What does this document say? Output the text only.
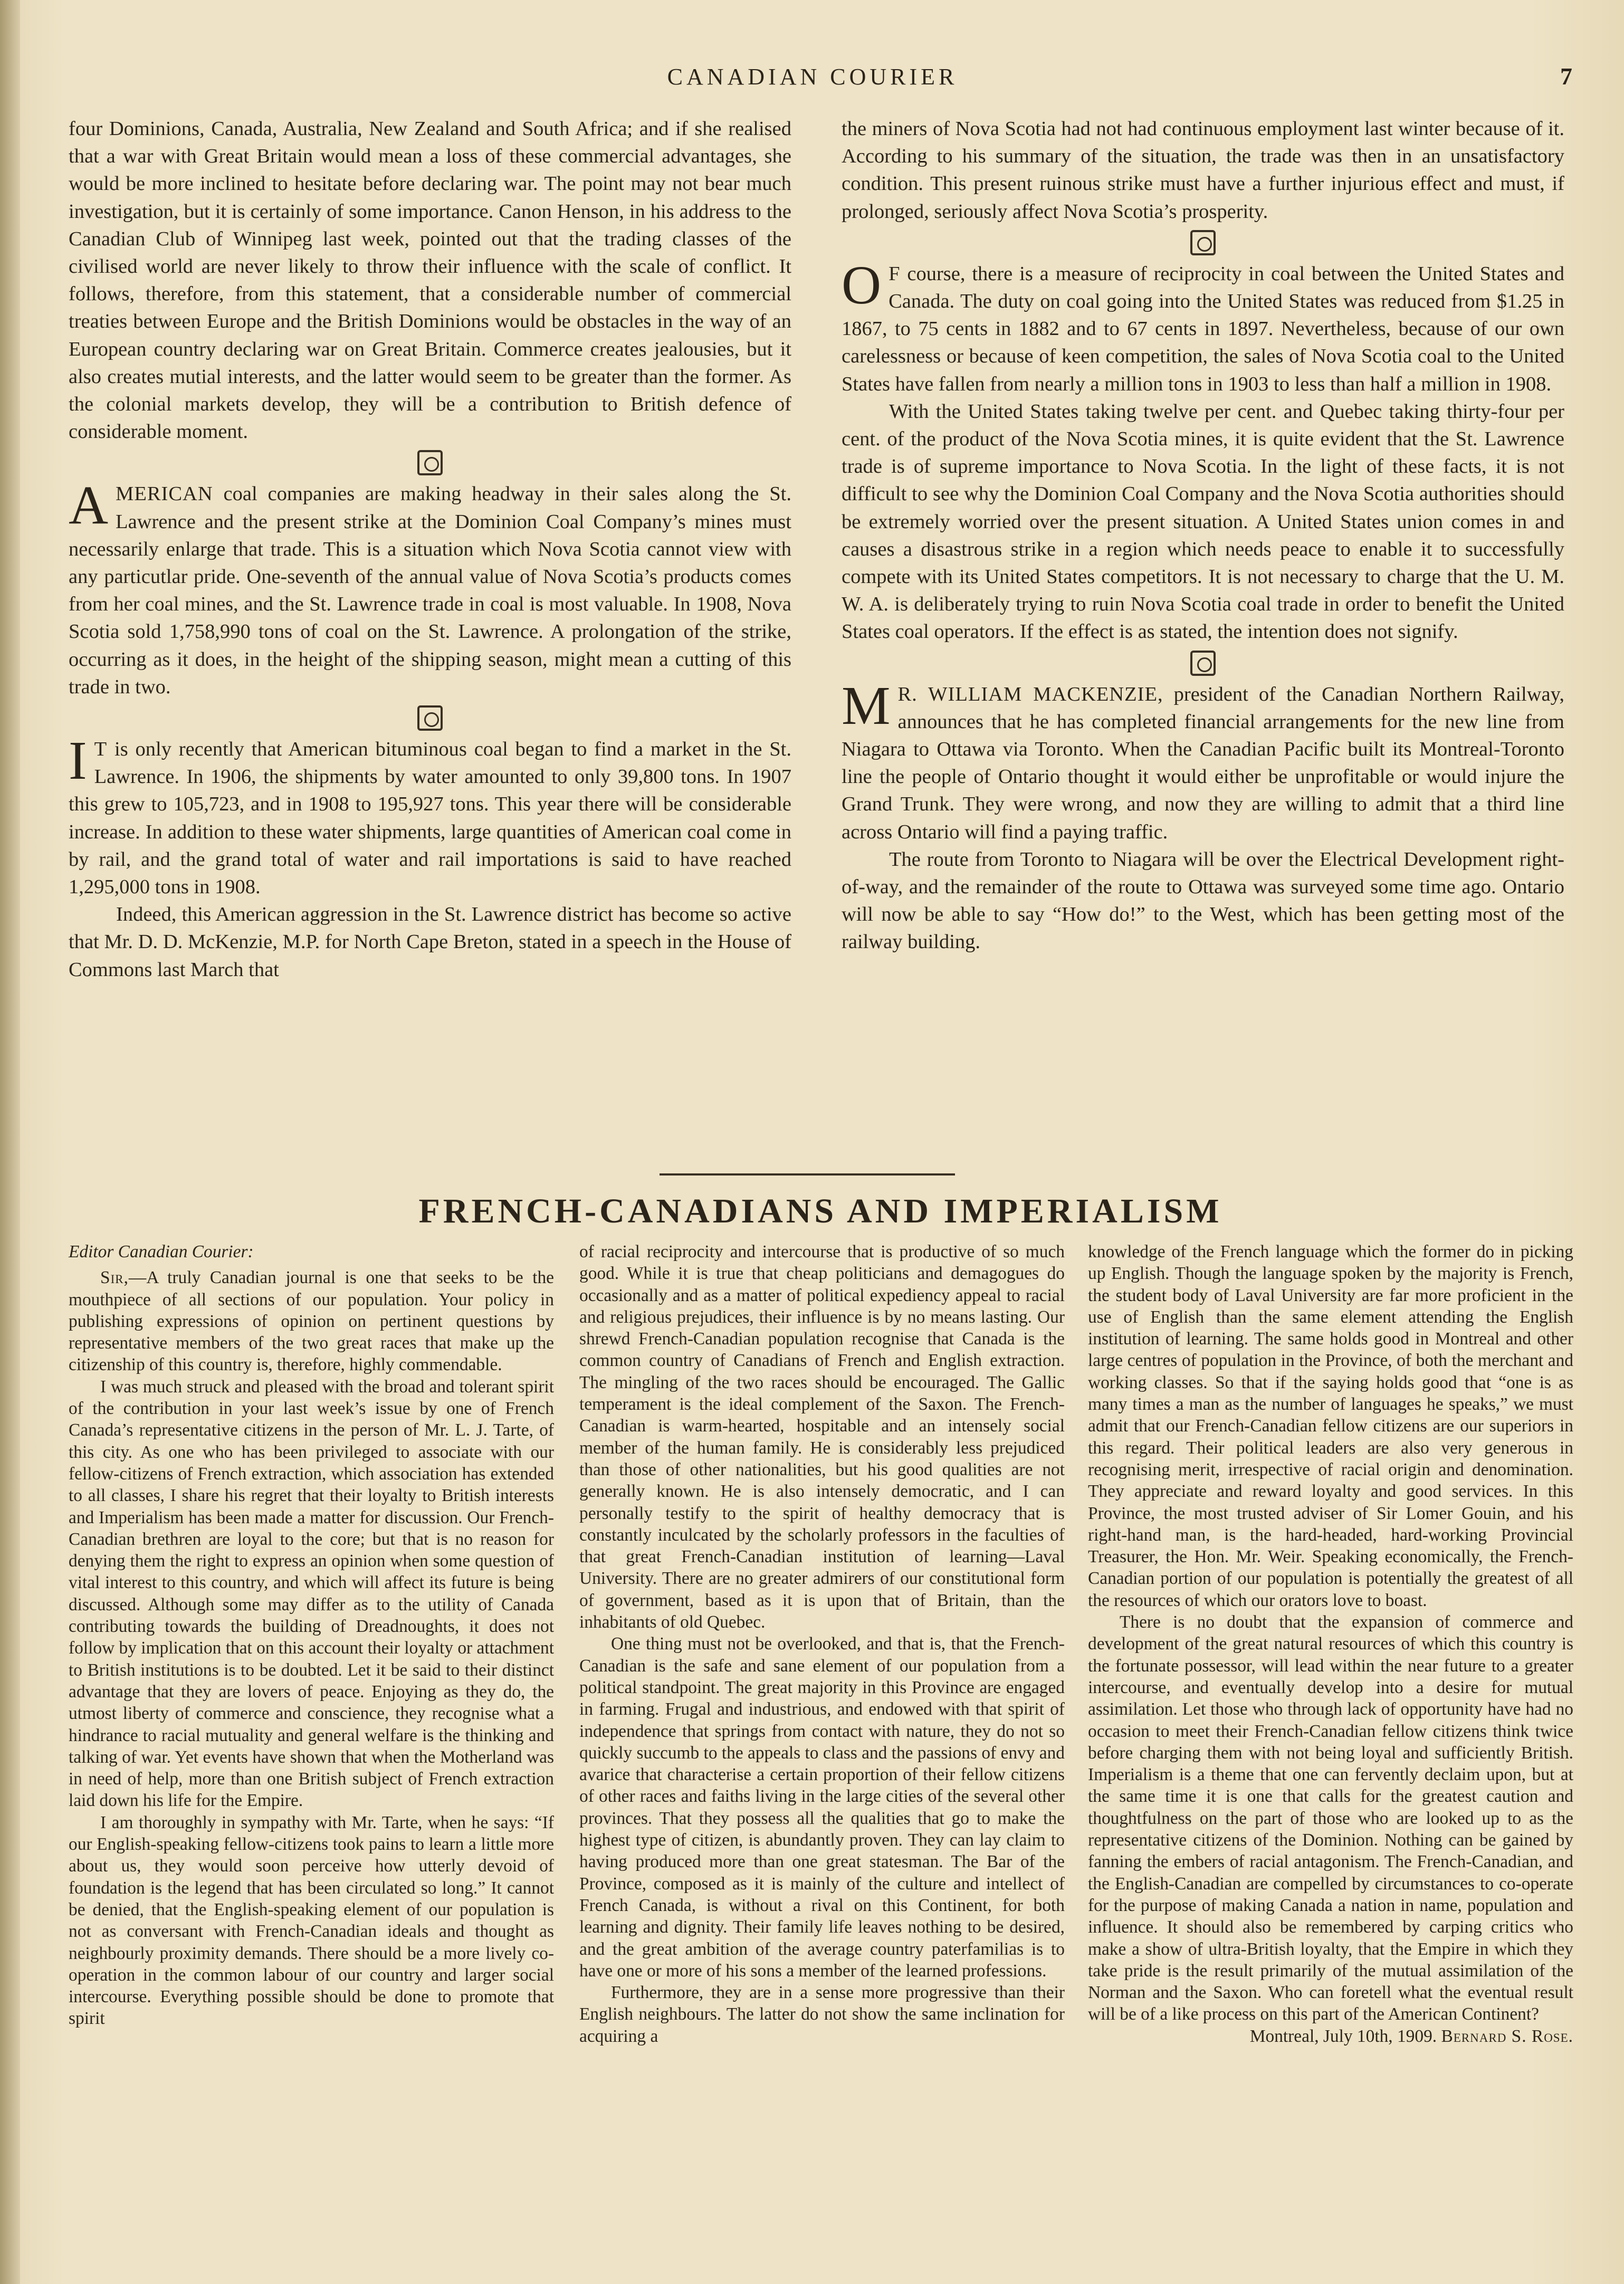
CANADIAN COURIER	7

four Dominions, Canada, Australia, New Zealand and South Africa; and if she realised that a war with Great Britain would mean a loss of these commercial advantages, she would be more inclined to hesitate before declaring war. The point may not bear much investigation, but it is certainly of some importance. Canon Henson, in his address to the Canadian Club of Winnipeg last week, pointed out that the trading classes of the civilised world are never likely to throw their influence with the scale of conflict. It follows, therefore, from this statement, that a considerable number of commercial treaties between Europe and the British Dominions would be obstacles in the way of an European country declaring war on Great Britain. Commerce creates jealousies, but it also creates mutial interests, and the latter would seem to be greater than the former. As the colonial markets develop, they will be a contribution to British defence of considerable moment.

AMERICAN coal companies are making headway in their sales along the St. Lawrence and the present strike at the Dominion Coal Company’s mines must necessarily enlarge that trade. This is a situation which Nova Scotia cannot view with any particutlar pride. One-seventh of the annual value of Nova Scotia’s products comes from her coal mines, and the St. Lawrence trade in coal is most valuable. In 1908, Nova Scotia sold 1,758,990 tons of coal on the St. Lawrence. A prolongation of the strike, occurring as it does, in the height of the shipping season, might mean a cutting of this trade in two.

I T is only recently that American bituminous coal began to find a market in the St. Lawrence. In 1906, the shipments by water amounted to only 39,800 tons. In 1907 this grew to 105,723, and in 1908 to 195,927 tons. This year there will be considerable increase. In addition to these water shipments, large quantities of American coal come in by rail, and the grand total of water and rail importations is said to have reached 1,295,000 tons in 1908.

Indeed, this American aggression in the St. Lawrence district has become so active that Mr. D. D. McKenzie, M.P. for North Cape Breton, stated in a speech in the House of Commons last March that

the miners of Nova Scotia had not had continuous employment last winter because of it. According to his summary of the situation, the trade was then in an unsatisfactory condition. This present ruinous strike must have a further injurious effect and must, if prolonged, seriously affect Nova Scotia’s prosperity.

O F course, there is a measure of reciprocity in coal between the United States and Canada. The duty on coal going into the United States was reduced from $1.25 in 1867, to 75 cents in 1882 and to 67 cents in 1897. Nevertheless, because of our own carelessness or because of keen competition, the sales of Nova Scotia coal to the United States have fallen from nearly a million tons in 1903 to less than half a million in 1908.

With the United States taking twelve per cent. and Quebec taking thirty-four per cent. of the product of the Nova Scotia mines, it is quite evident that the St. Lawrence trade is of supreme importance to Nova Scotia. In the light of these facts, it is not difficult to see why the Dominion Coal Company and the Nova Scotia authorities should be extremely worried over the present situation. A United States union comes in and causes a disastrous strike in a region which needs peace to enable it to successfully compete with its United States competitors. It is not necessary to charge that the U. M. W. A. is deliberately trying to ruin Nova Scotia coal trade in order to benefit the United States coal operators. If the effect is as stated, the intention does not signify.

M R. WILLIAM MACKENZIE, president of the Canadian Northern Railway, announces that he has completed financial arrangements for the new line from Niagara to Ottawa via Toronto. When the Canadian Pacific built its Montreal-Toronto line the people of Ontario thought it would either be unprofitable or would injure the Grand Trunk. They were wrong, and now they are willing to admit that a third line across Ontario will find a paying traffic.

The route from Toronto to Niagara will be over the Electrical Development right-of-way, and the remainder of the route to Ottawa was surveyed some time ago. Ontario will now be able to say “How do!” to the West, which has been getting most of the railway building.

FRENCH-CANADIANS AND IMPERIALISM

Editor Canadian Courier:

Sir,—A truly Canadian journal is one that seeks to be the mouthpiece of all sections of our population. Your policy in publishing expressions of opinion on pertinent questions by representative members of the two great races that make up the citizenship of this country is, therefore, highly commendable.

I was much struck and pleased with the broad and tolerant spirit of the contribution in your last week’s issue by one of French Canada’s representative citizens in the person of Mr. L. J. Tarte, of this city. As one who has been privileged to associate with our fellow-citizens of French extraction, which association has extended to all classes, I share his regret that their loyalty to British interests and Imperialism has been made a matter for discussion. Our French-Canadian brethren are loyal to the core; but that is no reason for denying them the right to express an opinion when some question of vital interest to this country, and which will affect its future is being discussed. Although some may differ as to the utility of Canada contributing towards the building of Dreadnoughts, it does not follow by implication that on this account their loyalty or attachment to British institutions is to be doubted. Let it be said to their distinct advantage that they are lovers of peace. Enjoying as they do, the utmost liberty of commerce and conscience, they recognise what a hindrance to racial mutuality and general welfare is the thinking and talking of war. Yet events have shown that when the Motherland was in need of help, more than one British subject of French extraction laid down his life for the Empire.

I am thoroughly in sympathy with Mr. Tarte, when he says: “If our English-speaking fellow-citizens took pains to learn a little more about us, they would soon perceive how utterly devoid of foundation is the legend that has been circulated so long.” It cannot be denied, that the English-speaking element of our population is not as conversant with French-Canadian ideals and thought as neighbourly proximity demands. There should be a more lively co-operation in the common labour of our country and larger social intercourse. Everything possible should be done to promote that spirit

of racial reciprocity and intercourse that is productive of so much good. While it is true that cheap politicians and demagogues do occasionally and as a matter of political expediency appeal to racial and religious prejudices, their influence is by no means lasting. Our shrewd French-Canadian population recognise that Canada is the common country of Canadians of French and English extraction. The mingling of the two races should be encouraged. The Gallic temperament is the ideal complement of the Saxon. The French-Canadian is warm-hearted, hospitable and an intensely social member of the human family. He is considerably less prejudiced than those of other nationalities, but his good qualities are not generally known. He is also intensely democratic, and I can personally testify to the spirit of healthy democracy that is constantly inculcated by the scholarly professors in the faculties of that great French-Canadian institution of learning—Laval University. There are no greater admirers of our constitutional form of government, based as it is upon that of Britain, than the inhabitants of old Quebec.

One thing must not be overlooked, and that is, that the French-Canadian is the safe and sane element of our population from a political standpoint. The great majority in this Province are engaged in farming. Frugal and industrious, and endowed with that spirit of independence that springs from contact with nature, they do not so quickly succumb to the appeals to class and the passions of envy and avarice that characterise a certain proportion of their fellow citizens of other races and faiths living in the large cities of the several other provinces. That they possess all the qualities that go to make the highest type of citizen, is abundantly proven. They can lay claim to having produced more than one great statesman. The Bar of the Province, composed as it is mainly of the culture and intellect of French Canada, is without a rival on this Continent, for both learning and dignity. Their family life leaves nothing to be desired, and the great ambition of the average country paterfamilias is to have one or more of his sons a member of the learned professions.

Furthermore, they are in a sense more progressive than their English neighbours. The latter do not show the same inclination for acquiring a

knowledge of the French language which the former do in picking up English. Though the language spoken by the majority is French, the student body of Laval University are far more proficient in the use of English than the same element attending the English institution of learning. The same holds good in Montreal and other large centres of population in the Province, of both the merchant and working classes. So that if the saying holds good that “one is as many times a man as the number of languages he speaks,” we must admit that our French-Canadian fellow citizens are our superiors in this regard. Their political leaders are also very generous in recognising merit, irrespective of racial origin and denomination. They appreciate and reward loyalty and good services. In this Province, the most trusted adviser of Sir Lomer Gouin, and his right-hand man, is the hard-headed, hard-working Provincial Treasurer, the Hon. Mr. Weir. Speaking economically, the French-Canadian portion of our population is potentially the greatest of all the resources of which our orators love to boast.

There is no doubt that the expansion of commerce and development of the great natural resources of which this country is the fortunate possessor, will lead within the near future to a greater intercourse, and eventually develop into a desire for mutual assimilation. Let those who through lack of opportunity have had no occasion to meet their French-Canadian fellow citizens think twice before charging them with not being loyal and sufficiently British. Imperialism is a theme that one can fervently declaim upon, but at the same time it is one that calls for the greatest caution and thoughtfulness on the part of those who are looked up to as the representative citizens of the Dominion. Nothing can be gained by fanning the embers of racial antagonism. The French-Canadian, and the English-Canadian are compelled by circumstances to co-operate for the purpose of making Canada a nation in name, population and influence. It should also be remembered by carping critics who make a show of ultra-British loyalty, that the Empire in which they take pride is the result primarily of the mutual assimilation of the Norman and the Saxon. Who can foretell what the eventual result will be of a like process on this part of the American Continent?

Montreal, July 10th, 1909. Bernard S. Rose.
